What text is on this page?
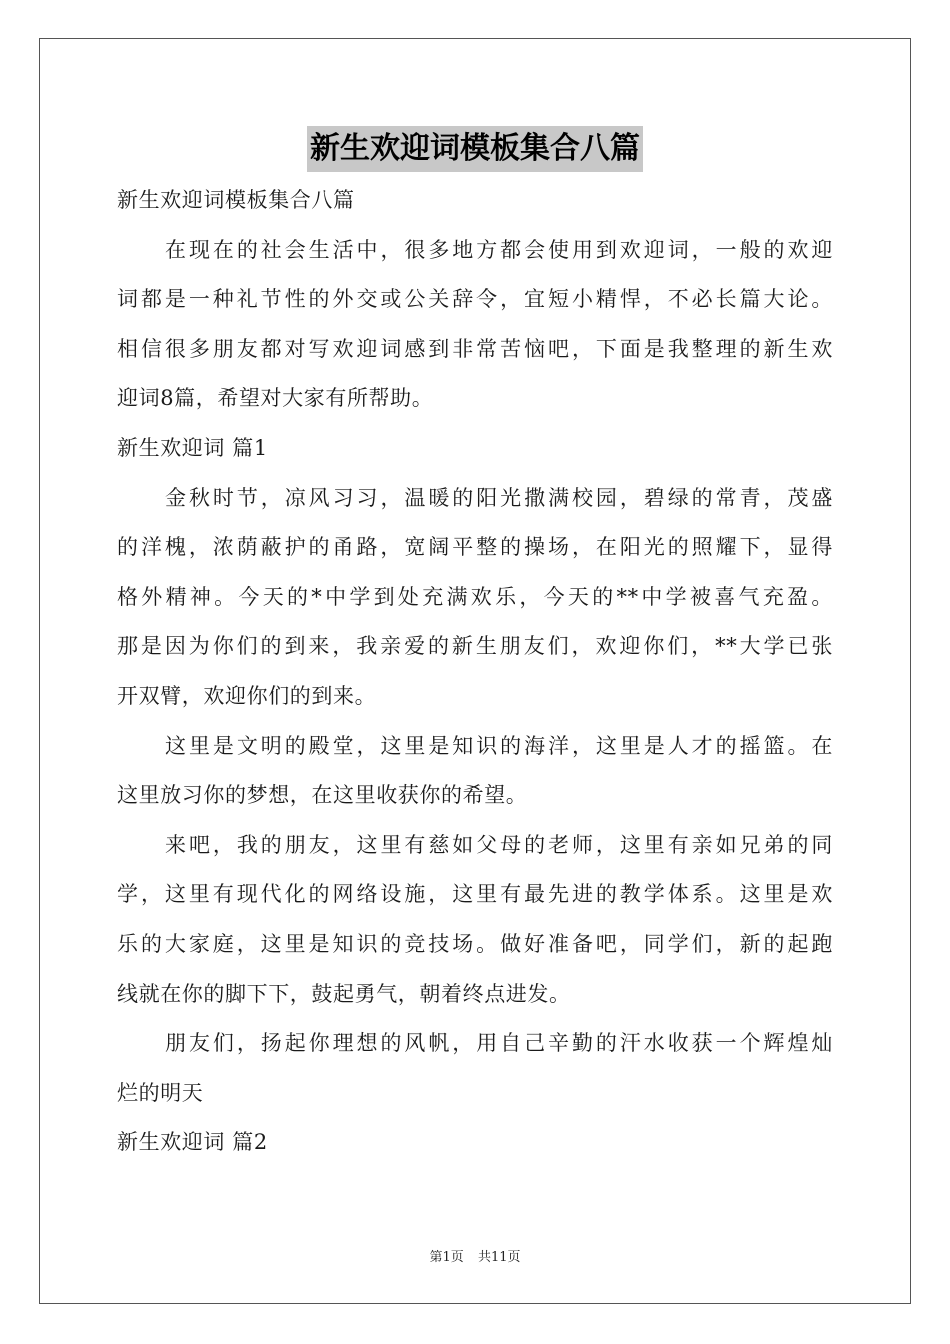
新生欢迎词模板集合八篇

新生欢迎词模板集合八篇

在现在的社会生活中，很多地方都会使用到欢迎词，一般的欢迎

词都是一种礼节性的外交或公关辞令，宜短小精悍，不必长篇大论。

相信很多朋友都对写欢迎词感到非常苦恼吧，下面是我整理的新生欢

迎词8篇，希望对大家有所帮助。

新生欢迎词 篇1

金秋时节，凉风习习，温暖的阳光撒满校园，碧绿的常青，茂盛

的洋槐，浓荫蔽护的甬路，宽阔平整的操场，在阳光的照耀下，显得

格外精神。今天的*中学到处充满欢乐，今天的**中学被喜气充盈。

那是因为你们的到来，我亲爱的新生朋友们，欢迎你们，**大学已张

开双臂，欢迎你们的到来。

这里是文明的殿堂，这里是知识的海洋，这里是人才的摇篮。在

这里放习你的梦想，在这里收获你的希望。

来吧，我的朋友，这里有慈如父母的老师，这里有亲如兄弟的同

学，这里有现代化的网络设施，这里有最先进的教学体系。这里是欢

乐的大家庭，这里是知识的竞技场。做好准备吧，同学们，新的起跑

线就在你的脚下下，鼓起勇气，朝着终点进发。

朋友们，扬起你理想的风帆，用自己辛勤的汗水收获一个辉煌灿

烂的明天

新生欢迎词 篇2

第1页 共11页
